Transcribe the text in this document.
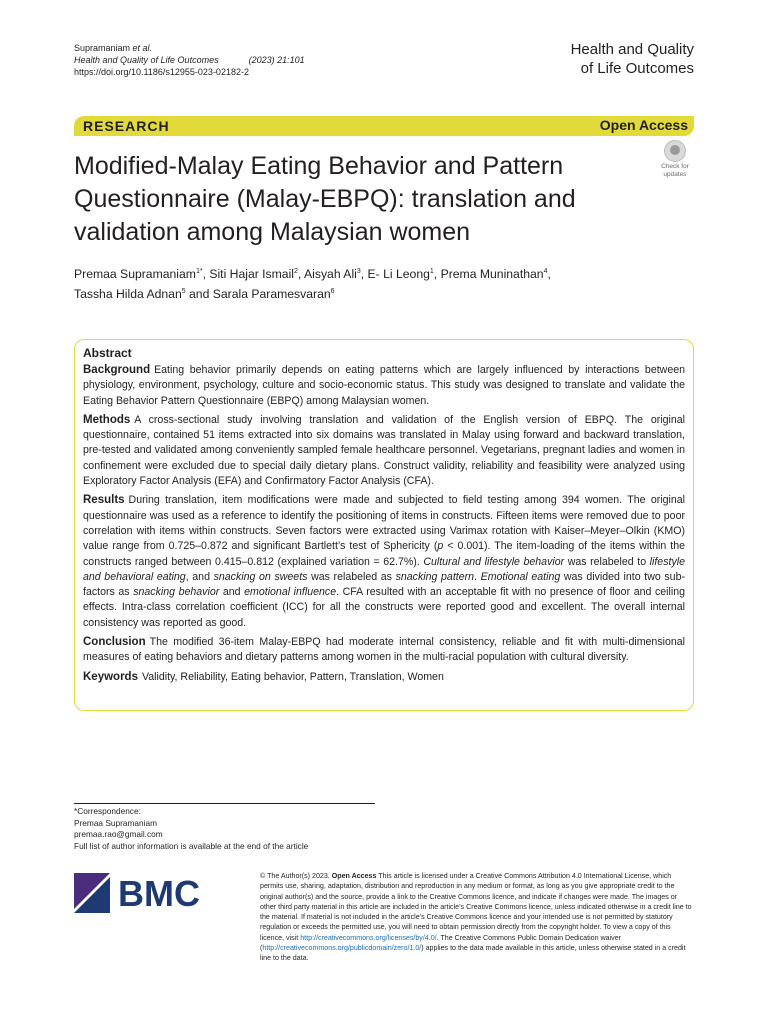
Supramaniam et al.
Health and Quality of Life Outcomes	(2023) 21:101
https://doi.org/10.1186/s12955-023-02182-2
Health and Quality
of Life Outcomes
RESEARCH	Open Access
Modified-Malay Eating Behavior and Pattern Questionnaire (Malay-EBPQ): translation and validation among Malaysian women
Check for
updates
Premaa Supramaniam$^{1*}$, Siti Hajar Ismail$^2$, Aisyah Ali$^3$, E- Li Leong$^1$, Prema Muninathan$^4$,
Tassha Hilda Adnan$^5$ and Sarala Paramesvaran$^6$
Abstract
Background Eating behavior primarily depends on eating patterns which are largely influenced by interactions between physiology, environment, psychology, culture and socio-economic status. This study was designed to translate and validate the Eating Behavior Pattern Questionnaire (EBPQ) among Malaysian women.
Methods A cross-sectional study involving translation and validation of the English version of EBPQ. The original questionnaire, contained 51 items extracted into six domains was translated in Malay using forward and backward translation, pre-tested and validated among conveniently sampled female healthcare personnel. Vegetarians, pregnant ladies and women in confinement were excluded due to special daily dietary plans. Construct validity, reliability and feasibility were analyzed using Exploratory Factor Analysis (EFA) and Confirmatory Factor Analysis (CFA).
Results During translation, item modifications were made and subjected to field testing among 394 women. The original questionnaire was used as a reference to identify the positioning of items in constructs. Fifteen items were removed due to poor correlation with items within constructs. Seven factors were extracted using Varimax rotation with Kaiser–Meyer–Olkin (KMO) value range from 0.725–0.872 and significant Bartlett’s test of Sphericity (p < 0.001). The item-loading of the items within the constructs ranged between 0.415–0.812 (explained variation = 62.7%). Cultural and lifestyle behavior was relabeled to lifestyle and behavioral eating, and snacking on sweets was relabeled as snacking pattern. Emotional eating was divided into two sub-factors as snacking behavior and emotional influence. CFA resulted with an acceptable fit with no presence of floor and ceiling effects. Intra-class correlation coefficient (ICC) for all the constructs were reported good and excellent. The overall internal consistency was reported as good.
Conclusion The modified 36-item Malay-EBPQ had moderate internal consistency, reliable and fit with multi-dimensional measures of eating behaviors and dietary patterns among women in the multi-racial population with cultural diversity.
Keywords Validity, Reliability, Eating behavior, Pattern, Translation, Women
*Correspondence:
Premaa Supramaniam
premaa.rao@gmail.com
Full list of author information is available at the end of the article
BMC	© The Author(s) 2023. Open Access This article is licensed under a Creative Commons Attribution 4.0 International License, which permits use, sharing, adaptation, distribution and reproduction in any medium or format, as long as you give appropriate credit to the original author(s) and the source, provide a link to the Creative Commons licence, and indicate if changes were made. The images or other third party material in this article are included in the article’s Creative Commons licence, unless indicated otherwise in a credit line to the material. If material is not included in the article’s Creative Commons licence and your intended use is not permitted by statutory regulation or exceeds the permitted use, you will need to obtain permission directly from the copyright holder. To view a copy of this licence, visit http://creativecommons.org/licenses/by/4.0/. The Creative Commons Public Domain Dedication waiver (http://creativecommons.org/publicdomain/zero/1.0/) applies to the data made available in this article, unless otherwise stated in a credit line to the data.
